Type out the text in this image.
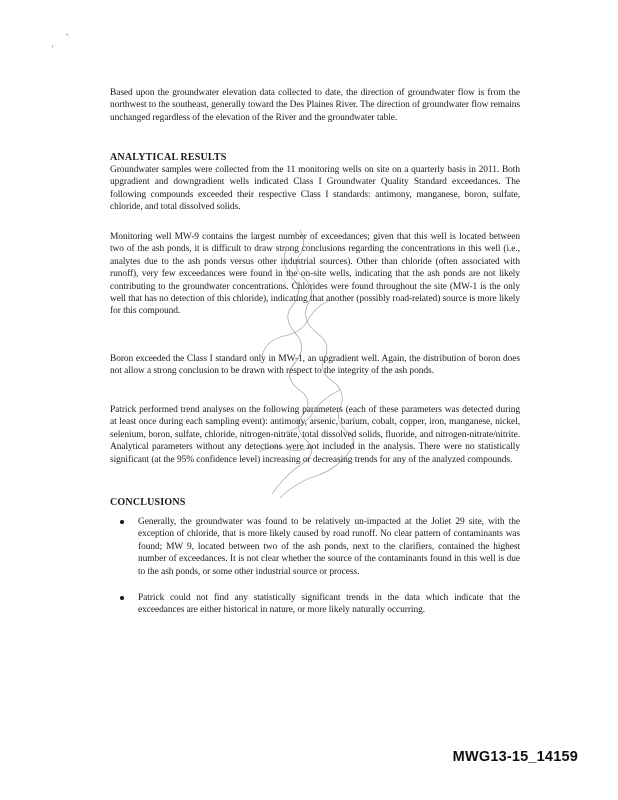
-
'

Based upon the groundwater elevation data collected to date, the direction of groundwater flow is from the northwest to the southeast, generally toward the Des Plaines River. The direction of groundwater flow remains unchanged regardless of the elevation of the River and the groundwater table.

ANALYTICAL RESULTS

Groundwater samples were collected from the 11 monitoring wells on site on a quarterly basis in 2011. Both upgradient and downgradient wells indicated Class I Groundwater Quality Standard exceedances. The following compounds exceeded their respective Class I standards: antimony, manganese, boron, sulfate, chloride, and total dissolved solids.

Monitoring well MW-9 contains the largest number of exceedances; given that this well is located between two of the ash ponds, it is difficult to draw strong conclusions regarding the concentrations in this well (i.e., analytes due to the ash ponds versus other industrial sources). Other than chloride (often associated with runoff), very few exceedances were found in the on-site wells, indicating that the ash ponds are not likely contributing to the groundwater concentrations. Chlorides were found throughout the site (MW-1 is the only well that has no detection of this chloride), indicating that another (possibly road-related) source is more likely for this compound.

Boron exceeded the Class I standard only in MW-1, an upgradient well. Again, the distribution of boron does not allow a strong conclusion to be drawn with respect to the integrity of the ash ponds.

Patrick performed trend analyses on the following parameters (each of these parameters was detected during at least once during each sampling event): antimony, arsenic, barium, cobalt, copper, iron, manganese, nickel, selenium, boron, sulfate, chloride, nitrogen-nitrate, total dissolved solids, fluoride, and nitrogen-nitrate/nitrite. Analytical parameters without any detections were not included in the analysis. There were no statistically significant (at the 95% confidence level) increasing or decreasing trends for any of the analyzed compounds.

CONCLUSIONS

Generally, the groundwater was found to be relatively un-impacted at the Joliet 29 site, with the exception of chloride, that is more likely caused by road runoff. No clear pattern of contaminants was found; MW 9, located between two of the ash ponds, next to the clarifiers, contained the highest number of exceedances. It is not clear whether the source of the contaminants found in this well is due to the ash ponds, or some other industrial source or process.

Patrick could not find any statistically significant trends in the data which indicate that the exceedances are either historical in nature, or more likely naturally occurring.

MWG13-15_14159
